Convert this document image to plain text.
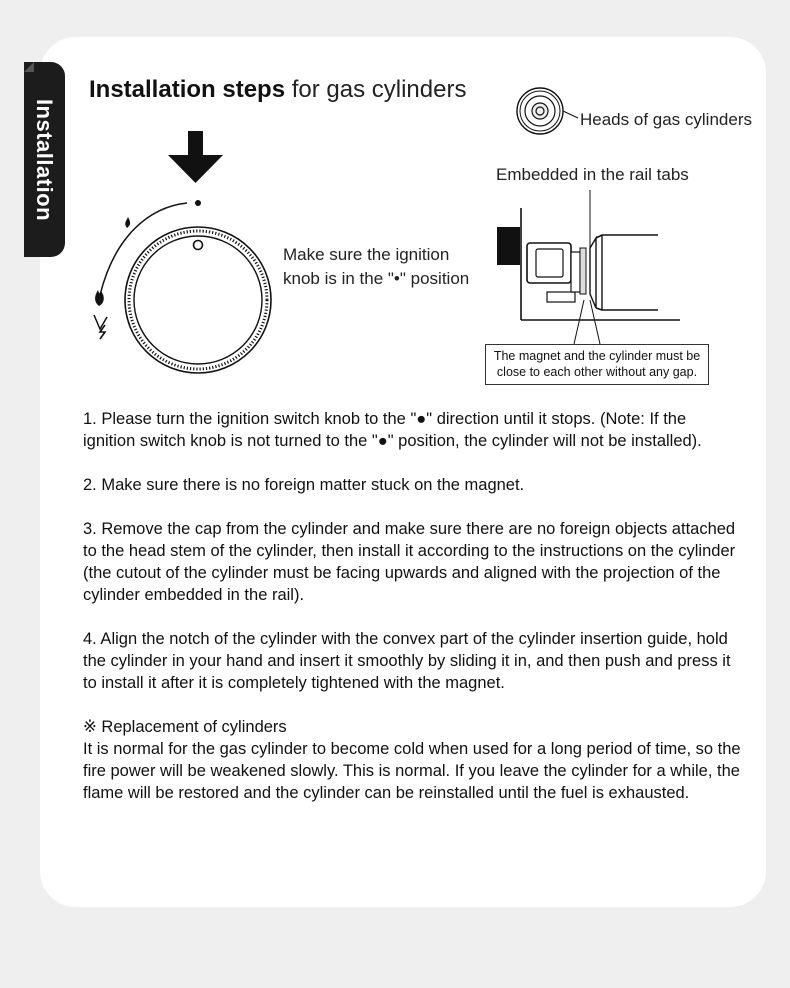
Installation
Installation steps for gas cylinders
Make sure the ignition
knob is in the "•" position
Heads of gas cylinders
Embedded in the rail tabs
The magnet and the cylinder must be
close to each other without any gap.

1. Please turn the ignition switch knob to the "●" direction until it stops. (Note: If the ignition switch knob is not turned to the "●" position, the cylinder will not be installed).

2. Make sure there is no foreign matter stuck on the magnet.

3. Remove the cap from the cylinder and make sure there are no foreign objects attached to the head stem of the cylinder, then install it according to the instructions on the cylinder (the cutout of the cylinder must be facing upwards and aligned with the projection of the cylinder embedded in the rail).

4. Align the notch of the cylinder with the convex part of the cylinder insertion guide, hold the cylinder in your hand and insert it smoothly by sliding it in, and then push and press it to install it after it is completely tightened with the magnet.

※ Replacement of cylinders
It is normal for the gas cylinder to become cold when used for a long period of time, so the fire power will be weakened slowly. This is normal. If you leave the cylinder for a while, the flame will be restored and the cylinder can be reinstalled until the fuel is exhausted.
